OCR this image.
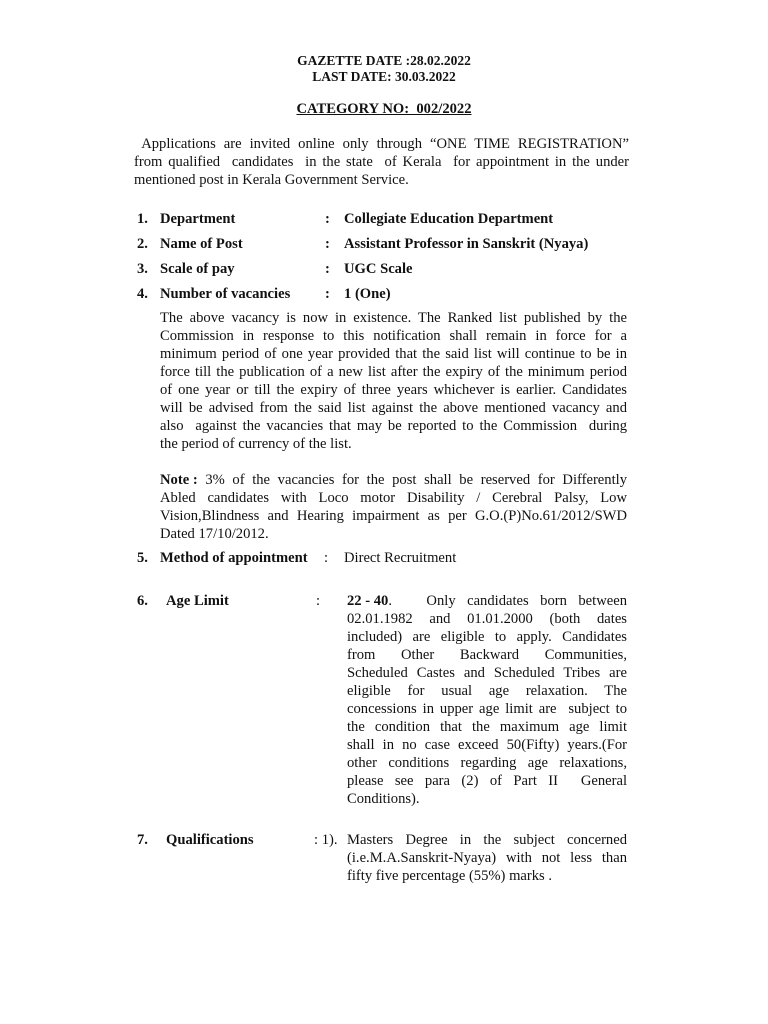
GAZETTE DATE :28.02.2022
LAST DATE: 30.03.2022
CATEGORY NO:  002/2022
Applications are invited online only through “ONE TIME REGISTRATION”
from qualified  candidates  in the state  of Kerala  for appointment in the under
mentioned post in Kerala Government Service.
1. Department	: Collegiate Education Department
2. Name of Post	: Assistant Professor in Sanskrit (Nyaya)
3. Scale of pay	: UGC Scale
4. Number of vacancies : 1 (One)
The above vacancy is now in existence. The Ranked list published by the
Commission in response to this notification shall remain in force for a
minimum period of one year provided that the said list will continue to be in
force till the publication of a new list after the expiry of the minimum period
of one year or till the expiry of three years whichever is earlier. Candidates
will be advised from the said list against the above mentioned vacancy and
also  against the vacancies that may be reported to the Commission  during
the period of currency of the list.
Note : 3% of the vacancies for the post shall be reserved for Differently
Abled candidates with Loco motor Disability / Cerebral Palsy, Low
Vision,Blindness and Hearing impairment as per G.O.(P)No.61/2012/SWD
Dated 17/10/2012.
5. Method of appointment : Direct Recruitment
6. Age Limit	: 22 - 40 .   Only candidates born between
02.01.1982    and    01.01.2000    (both    dates
included) are eligible to apply. Candidates
from     Other     Backward     Communities,
Scheduled Castes and Scheduled Tribes are
eligible   for   usual   age   relaxation.   The
concessions in upper age limit are  subject to
the condition that the maximum age limit
shall in no case exceed 50(Fifty) years.(For
other conditions regarding age relaxations,
please  see  para  (2)  of  Part  II    General
Conditions).
7. Qualifications	: 1). Masters  Degree  in  the  subject  concerned
(i.e.M.A.Sanskrit-Nyaya) with not less than
fifty five percentage (55%) marks .
